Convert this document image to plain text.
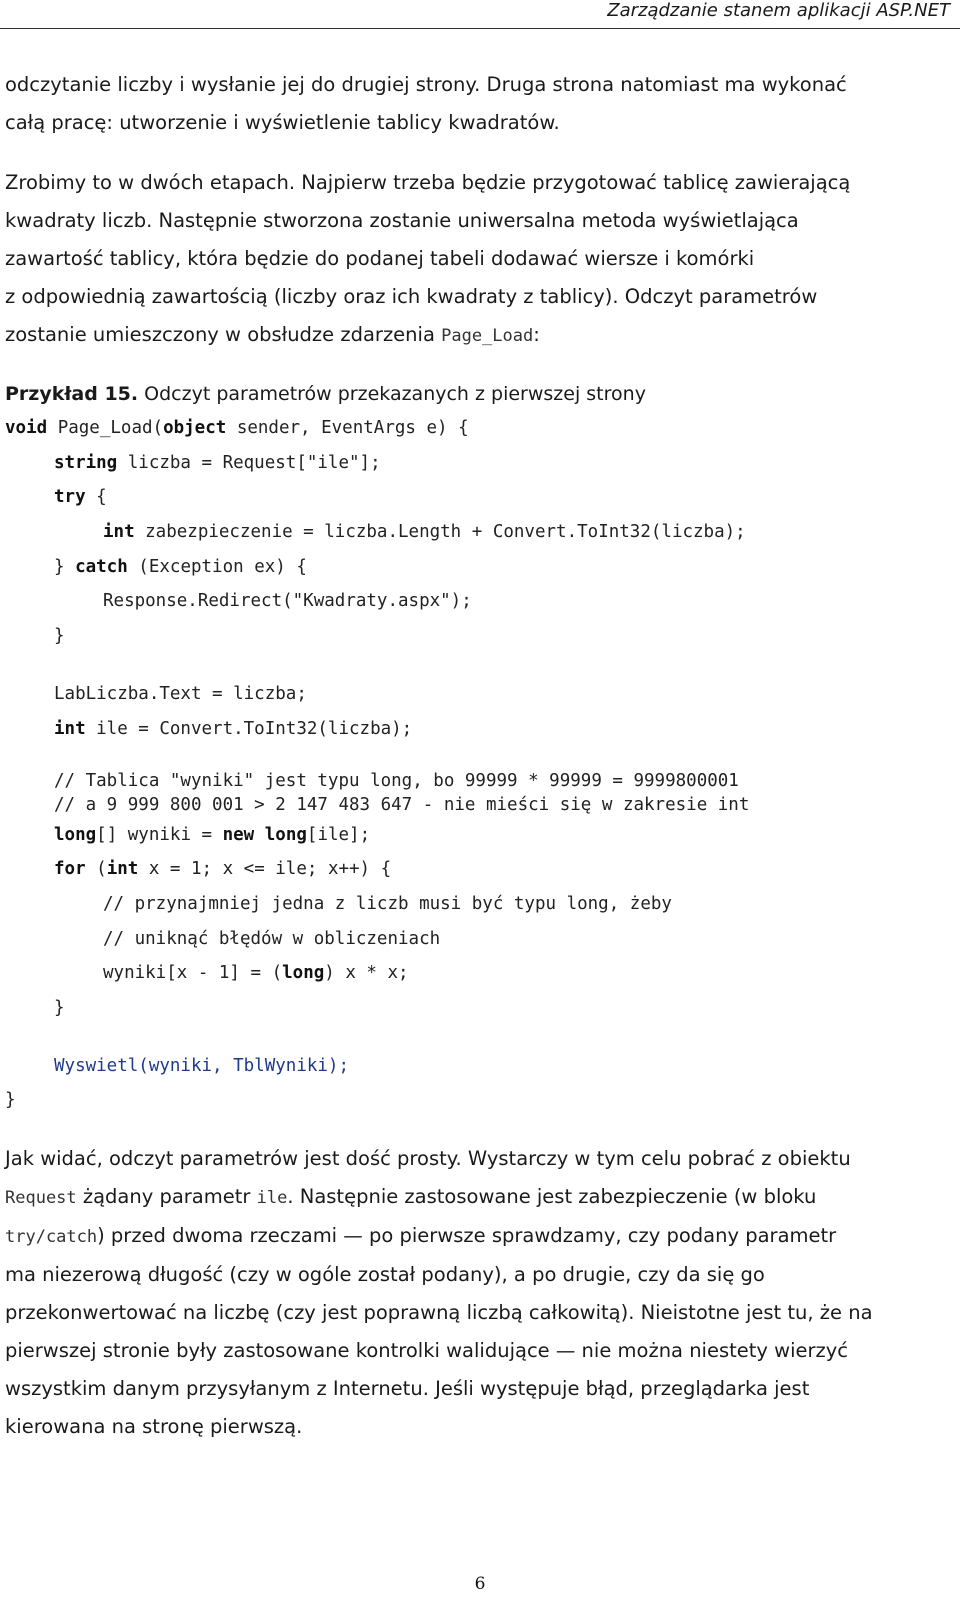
Zarządzanie stanem aplikacji ASP.NET

odczytanie liczby i wysłanie jej do drugiej strony. Druga strona natomiast ma wykonać
całą pracę: utworzenie i wyświetlenie tablicy kwadratów.

Zrobimy to w dwóch etapach. Najpierw trzeba będzie przygotować tablicę zawierającą
kwadraty liczb. Następnie stworzona zostanie uniwersalna metoda wyświetlająca
zawartość tablicy, która będzie do podanej tabeli dodawać wiersze i komórki
z odpowiednią zawartością (liczby oraz ich kwadraty z tablicy). Odczyt parametrów
zostanie umieszczony w obsłudze zdarzenia Page_Load:

Przykład 15. Odczyt parametrów przekazanych z pierwszej strony

void Page_Load(object sender, EventArgs e) {
string liczba = Request["ile"];
try {
int zabezpieczenie = liczba.Length + Convert.ToInt32(liczba);
} catch (Exception ex) {
Response.Redirect("Kwadraty.aspx");
}
LabLiczba.Text = liczba;
int ile = Convert.ToInt32(liczba);
// Tablica "wyniki" jest typu long, bo 99999 * 99999 = 9999800001
// a 9 999 800 001 > 2 147 483 647 - nie mieści się w zakresie int
long[] wyniki = new long[ile];
for (int x = 1; x <= ile; x++) {
// przynajmniej jedna z liczb musi być typu long, żeby
// uniknąć błędów w obliczeniach
wyniki[x - 1] = (long) x * x;
}
Wyswietl(wyniki, TblWyniki);
}

Jak widać, odczyt parametrów jest dość prosty. Wystarczy w tym celu pobrać z obiektu
Request żądany parametr ile. Następnie zastosowane jest zabezpieczenie (w bloku
try/catch) przed dwoma rzeczami — po pierwsze sprawdzamy, czy podany parametr
ma niezerową długość (czy w ogóle został podany), a po drugie, czy da się go
przekonwertować na liczbę (czy jest poprawną liczbą całkowitą). Nieistotne jest tu, że na
pierwszej stronie były zastosowane kontrolki walidujące — nie można niestety wierzyć
wszystkim danym przysyłanym z Internetu. Jeśli występuje błąd, przeglądarka jest
kierowana na stronę pierwszą.

6
